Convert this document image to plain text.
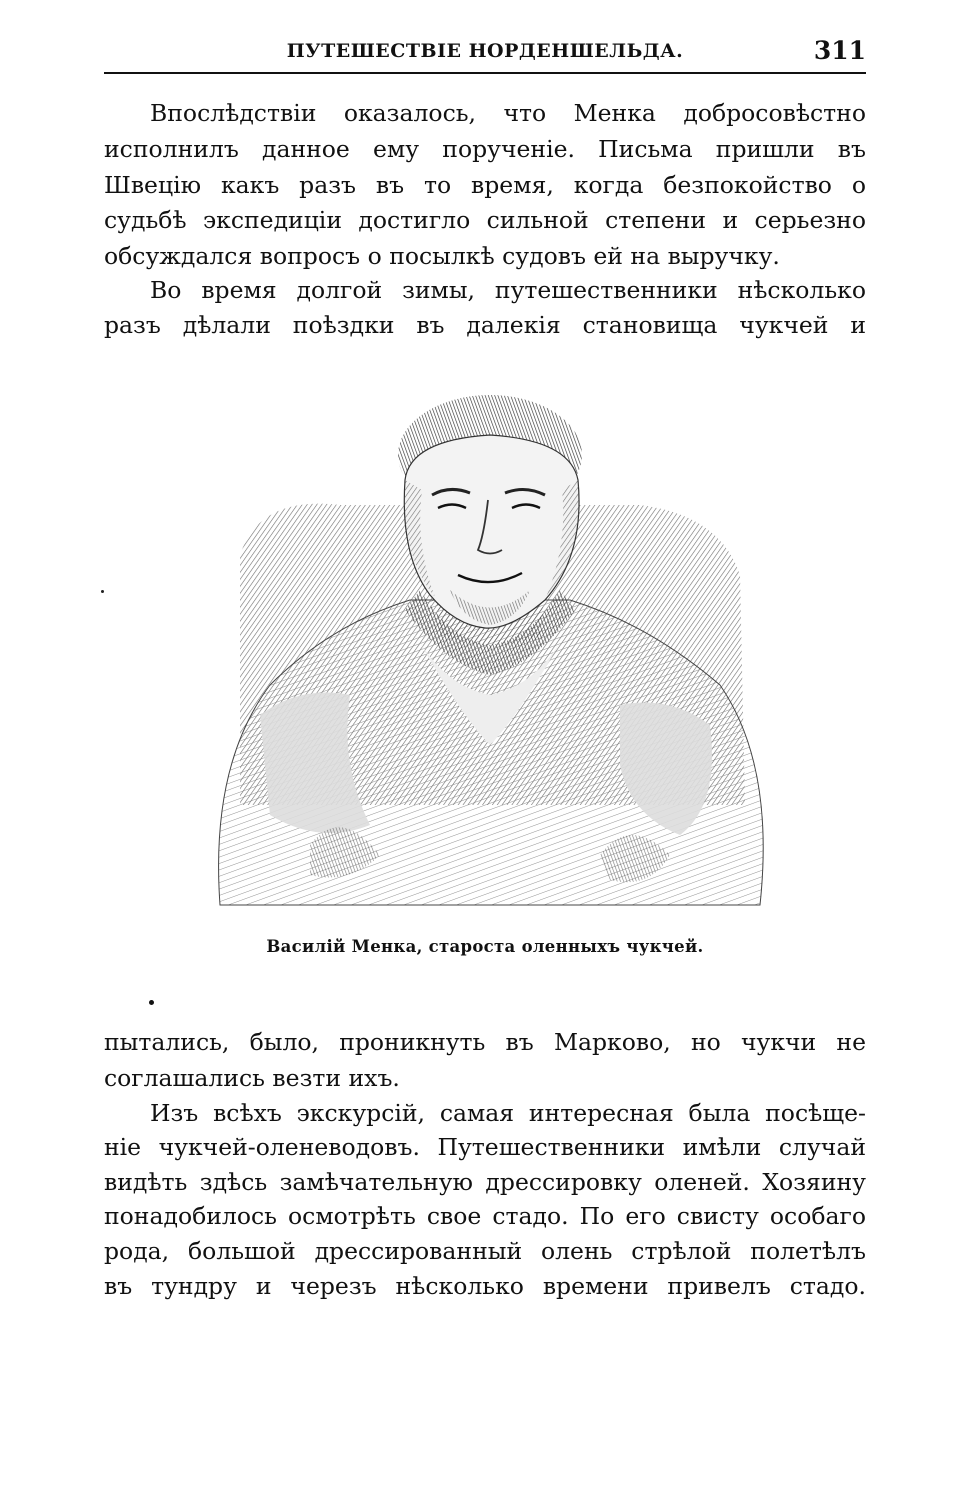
ПУТЕШЕСТВІЕ НОРДЕНШЕЛЬДА.	311
Впослѣдствіи оказалось, что Менка добросовѣстно
исполнилъ данное ему порученіе. Письма пришли въ
Швецію какъ разъ въ то время, когда безпокойство о
судьбѣ экспедиціи достигло сильной степени и серьезно
обсуждался вопросъ о посылкѣ судовъ ей на выручку.
Во время долгой зимы, путешественники нѣсколько
разъ дѣлали поѣздки въ далекія становища чукчей и
Василій Менка, староста оленныхъ чукчей.
пытались, было, проникнуть въ Марково, но чукчи не
соглашались везти ихъ.
Изъ всѣхъ экскурсій, самая интересная была посѣще-
ніе чукчей-оленеводовъ. Путешественники имѣли случай
видѣть здѣсь замѣчательную дрессировку оленей. Хозяину
понадобилось осмотрѣть свое стадо. По его свисту особаго
рода, большой дрессированный олень стрѣлой полетѣлъ
въ тундру и черезъ нѣсколько времени привелъ стадо.
